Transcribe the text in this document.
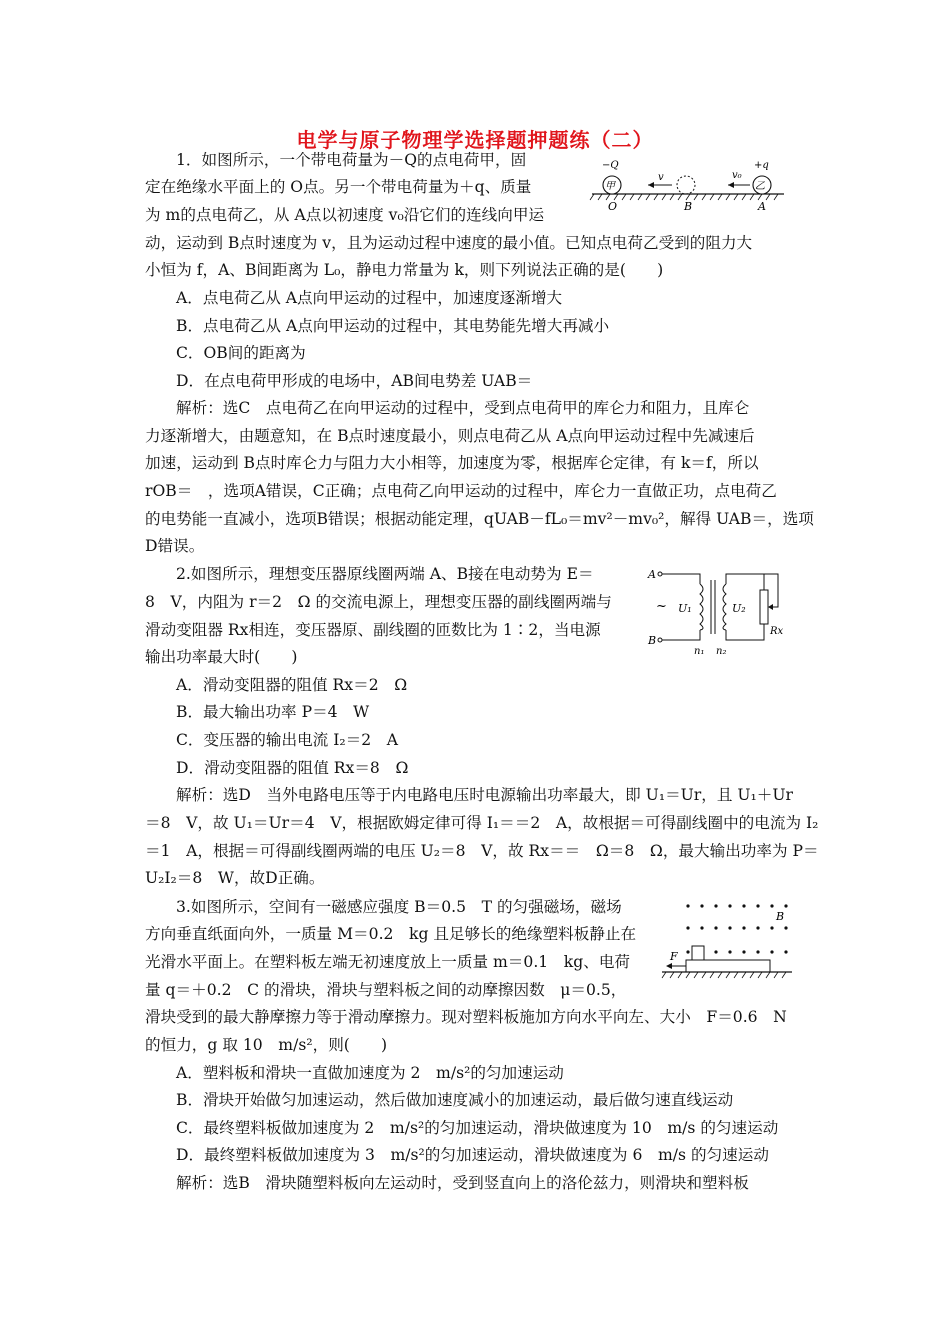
电学与原子物理学选择题押题练（二）
1．如图所示，一个带电荷量为－Q的点电荷甲，固
定在绝缘水平面上的 O点。另一个带电荷量为＋q、质量
为 m的点电荷乙，从 A点以初速度 v₀沿它们的连线向甲运
动，运动到 B点时速度为 v，且为运动过程中速度的最小值。已知点电荷乙受到的阻力大
小恒为 f，A、B间距离为 L₀，静电力常量为 k，则下列说法正确的是(　　)
A．点电荷乙从 A点向甲运动的过程中，加速度逐渐增大
B．点电荷乙从 A点向甲运动的过程中，其电势能先增大再减小
C．OB间的距离为
D．在点电荷甲形成的电场中，AB间电势差 UAB＝
解析：选C　点电荷乙在向甲运动的过程中，受到点电荷甲的库仑力和阻力，且库仑
力逐渐增大，由题意知，在 B点时速度最小，则点电荷乙从 A点向甲运动过程中先减速后
加速，运动到 B点时库仑力与阻力大小相等，加速度为零，根据库仑定律，有 k＝f，所以
rOB＝　，选项A错误，C正确；点电荷乙向甲运动的过程中，库仑力一直做正功，点电荷乙
的电势能一直减小，选项B错误；根据动能定理，qUAB－fL₀＝mv²－mv₀²，解得 UAB＝，选项
D错误。
甲
−Q
v
乙
+q
v₀
O	B	A
2.如图所示，理想变压器原线圈两端 A、B接在电动势为 E＝
8　V，内阻为 r＝2　Ω 的交流电源上，理想变压器的副线圈两端与
滑动变阻器 Rx相连，变压器原、副线圈的匝数比为 1∶2，当电源
输出功率最大时(　　)
A．滑动变阻器的阻值 Rx＝2　Ω
B．最大输出功率 P＝4　W
C．变压器的输出电流 I₂＝2　A
D．滑动变阻器的阻值 Rx＝8　Ω
解析：选D　当外电路电压等于内电路电压时电源输出功率最大，即 U₁＝Ur，且 U₁＋Ur
＝8　V，故 U₁＝Ur＝4　V，根据欧姆定律可得 I₁＝＝2　A，故根据＝可得副线圈中的电流为 I₂
＝1　A，根据＝可得副线圈两端的电压 U₂＝8　V，故 Rx＝＝　Ω＝8　Ω，最大输出功率为 P＝
U₂I₂＝8　W，故D正确。
A
B
~ U₁	U₂
Rx
n₁ n₂
3.如图所示，空间有一磁感应强度 B＝0.5　T 的匀强磁场，磁场
方向垂直纸面向外，一质量 M＝0.2　kg 且足够长的绝缘塑料板静止在
光滑水平面上。在塑料板左端无初速度放上一质量 m＝0.1　kg、电荷
量 q＝＋0.2　C 的滑块，滑块与塑料板之间的动摩擦因数　μ＝0.5，
滑块受到的最大静摩擦力等于滑动摩擦力。现对塑料板施加方向水平向左、大小　F＝0.6　N
的恒力，g 取 10　m/s²，则(　　)
A．塑料板和滑块一直做加速度为 2　m/s²的匀加速运动
B．滑块开始做匀加速运动，然后做加速度减小的加速运动，最后做匀速直线运动
C．最终塑料板做加速度为 2　m/s²的匀加速运动，滑块做速度为 10　m/s 的匀速运动
D．最终塑料板做加速度为 3　m/s²的匀加速运动，滑块做速度为 6　m/s 的匀速运动
解析：选B　滑块随塑料板向左运动时，受到竖直向上的洛伦兹力，则滑块和塑料板
B
F
